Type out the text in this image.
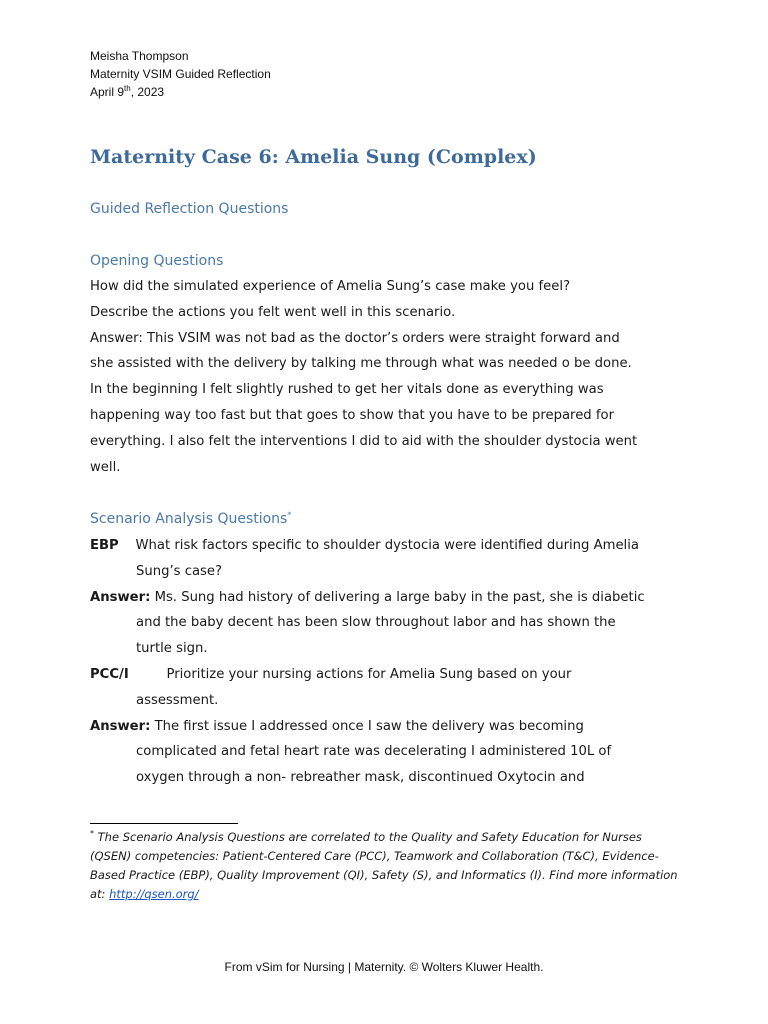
Meisha Thompson
Maternity VSIM Guided Reflection
April 9th, 2023
Maternity Case 6: Amelia Sung (Complex)
Guided Reflection Questions
Opening Questions

How did the simulated experience of Amelia Sung’s case make you feel?

Describe the actions you felt went well in this scenario.

Answer: This VSIM was not bad as the doctor’s orders were straight forward and

she assisted with the delivery by talking me through what was needed o be done.

In the beginning I felt slightly rushed to get her vitals done as everything was

happening way too fast but that goes to show that you have to be prepared for

everything. I also felt the interventions I did to aid with the shoulder dystocia went

well.

Scenario Analysis Questions*

EBP What risk factors specific to shoulder dystocia were identified during Amelia

Sung’s case?

Answer: Ms. Sung had history of delivering a large baby in the past, she is diabetic

and the baby decent has been slow throughout labor and has shown the

turtle sign.

PCC/I	Prioritize your nursing actions for Amelia Sung based on your

assessment.

Answer: The first issue I addressed once I saw the delivery was becoming

complicated and fetal heart rate was decelerating I administered 10L of

oxygen through a non- rebreather mask, discontinued Oxytocin and

* The Scenario Analysis Questions are correlated to the Quality and Safety Education for Nurses (QSEN) competencies: Patient-Centered Care (PCC), Teamwork and Collaboration (T&C), Evidence-Based Practice (EBP), Quality Improvement (QI), Safety (S), and Informatics (I). Find more information at: http://qsen.org/
From vSim for Nursing | Maternity. © Wolters Kluwer Health.
